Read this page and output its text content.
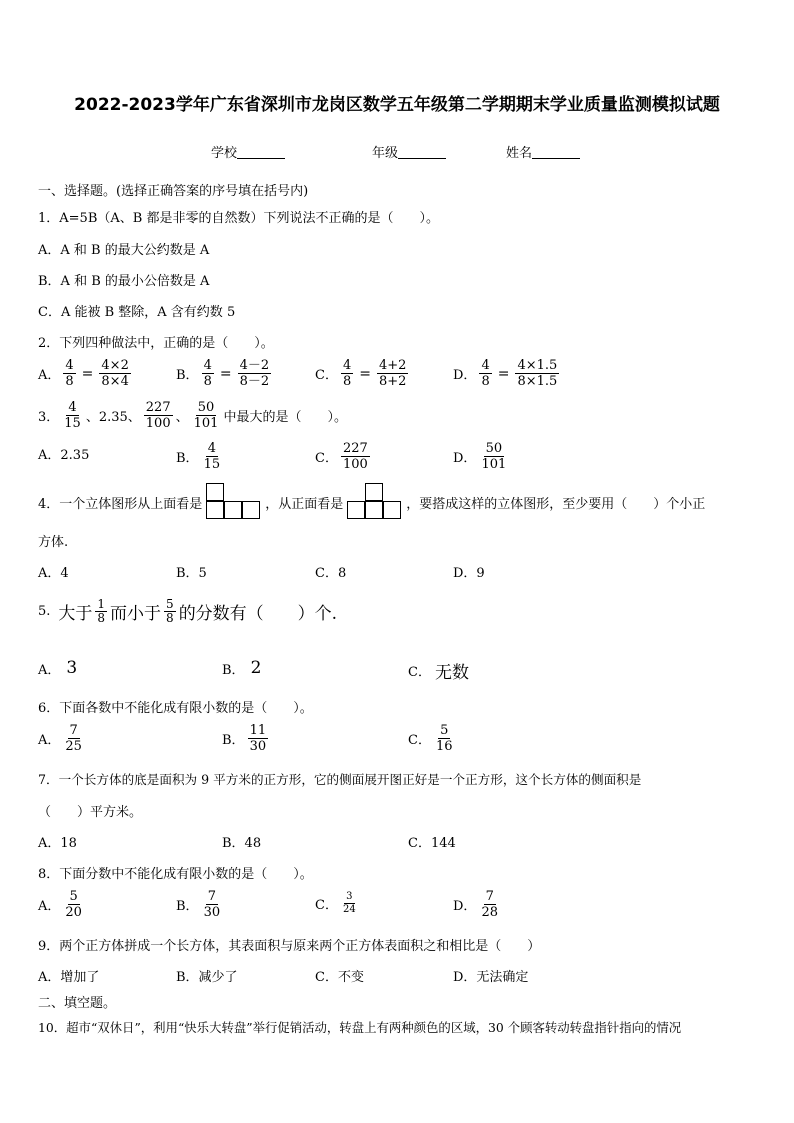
2022-2023学年广东省深圳市龙岗区数学五年级第二学期期末学业质量监测模拟试题
学校	年级	姓名
一、选择题。(选择正确答案的序号填在括号内)
1．A=5B（A、B 都是非零的自然数）下列说法不正确的是（　　）。
A．A 和 B 的最大公约数是 A
B．A 和 B 的最小公倍数是 A
C．A 能被 B 整除，A 含有约数 5
2．下列四种做法中，正确的是（　　）。
A． $\frac{4}{8} = \frac{4\times 2}{8\times 4}$	B． $\frac{4}{8} = \frac{4-2}{8-2}$	C． $\frac{4}{8} = \frac{4+2}{8+2}$	D． $\frac{4}{8} = \frac{4\times 1.5}{8\times 1.5}$
3． $\frac{4}{15}$ 、2.35、 $\frac{227}{100}$ 、 $\frac{50}{101}$ 中最大的是（　　）。
A．2.35	B． $\frac{4}{15}$	C． $\frac{227}{100}$	D． $\frac{50}{101}$
4．一个立体图形从上面看是	，从正面看是	，要搭成这样的立体图形，至少要用（　　）个小正
方体.
A．4	B．5	C．8	D．9
5. 大于 $\frac{1}{8}$ 而小于 $\frac{5}{8}$ 的分数有（　　）个.
A． 3	B． 2	C． 无数
6．下面各数中不能化成有限小数的是（　　）。
A． $\frac{7}{25}$	B． $\frac{11}{30}$	C． $\frac{5}{16}$
7．一个长方体的底是面积为 9 平方米的正方形，它的侧面展开图正好是一个正方形，这个长方体的侧面积是
（　　）平方米。
A．18	B．48	C．144
8．下面分数中不能化成有限小数的是（　　）。
A． $\frac{5}{20}$	B． $\frac{7}{30}$	C． $\frac{3}{24}$	D． $\frac{7}{28}$
9．两个正方体拼成一个长方体，其表面积与原来两个正方体表面积之和相比是（　　）
A．增加了	B．减少了	C．不变	D．无法确定
二、填空题。
10．超市“双休日”，利用“快乐大转盘”举行促销活动，转盘上有两种颜色的区域，30 个顾客转动转盘指针指向的情况
